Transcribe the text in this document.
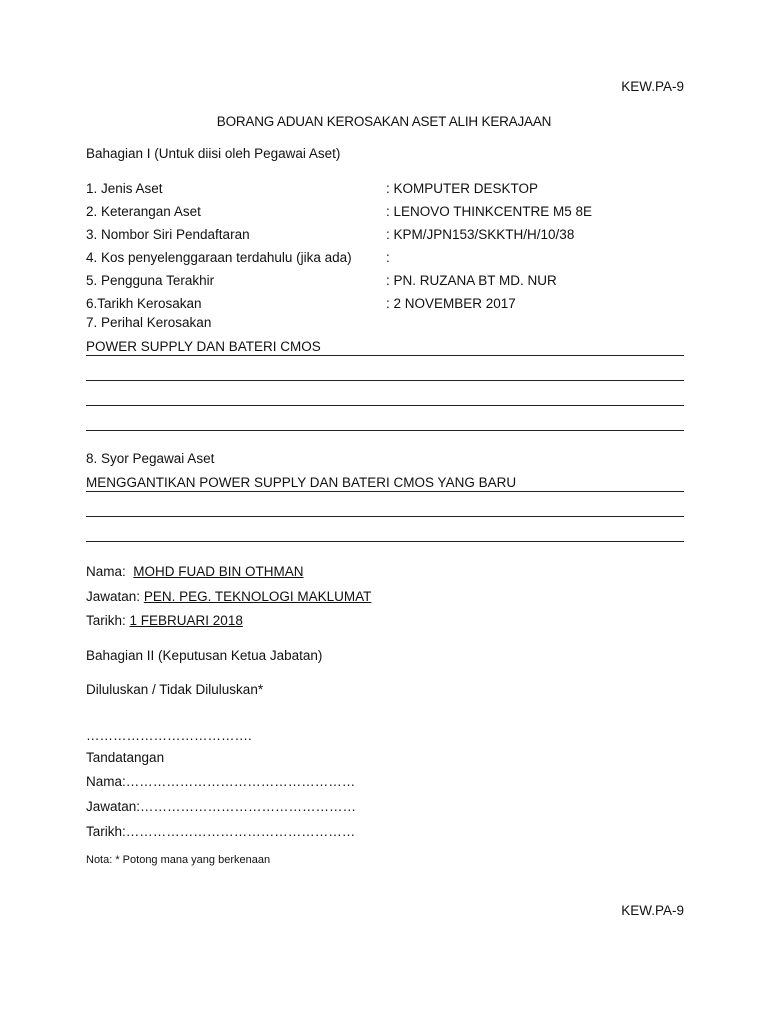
KEW.PA-9
BORANG ADUAN KEROSAKAN ASET ALIH KERAJAAN
Bahagian I (Untuk diisi oleh Pegawai Aset)
1. Jenis Aset	: KOMPUTER DESKTOP
2. Keterangan Aset	: LENOVO THINKCENTRE M5 8E
3. Nombor Siri Pendaftaran	: KPM/JPN153/SKKTH/H/10/38
4. Kos penyelenggaraan terdahulu (jika ada)	:
5. Pengguna Terakhir	: PN. RUZANA BT MD. NUR
6.Tarikh Kerosakan	: 2 NOVEMBER 2017
7. Perihal Kerosakan
POWER SUPPLY DAN BATERI CMOS
8. Syor Pegawai Aset
MENGGANTIKAN POWER SUPPLY DAN BATERI CMOS YANG BARU
Nama: MOHD FUAD BIN OTHMAN
Jawatan: PEN. PEG. TEKNOLOGI MAKLUMAT
Tarikh: 1 FEBRUARI 2018
Bahagian II (Keputusan Ketua Jabatan)
Diluluskan / Tidak Diluluskan*
……………………………….
Tandatangan
Nama:……………………………………………
Jawatan:…………………………………………
Tarikh:……………………………………………
Nota: * Potong mana yang berkenaan
KEW.PA-9
